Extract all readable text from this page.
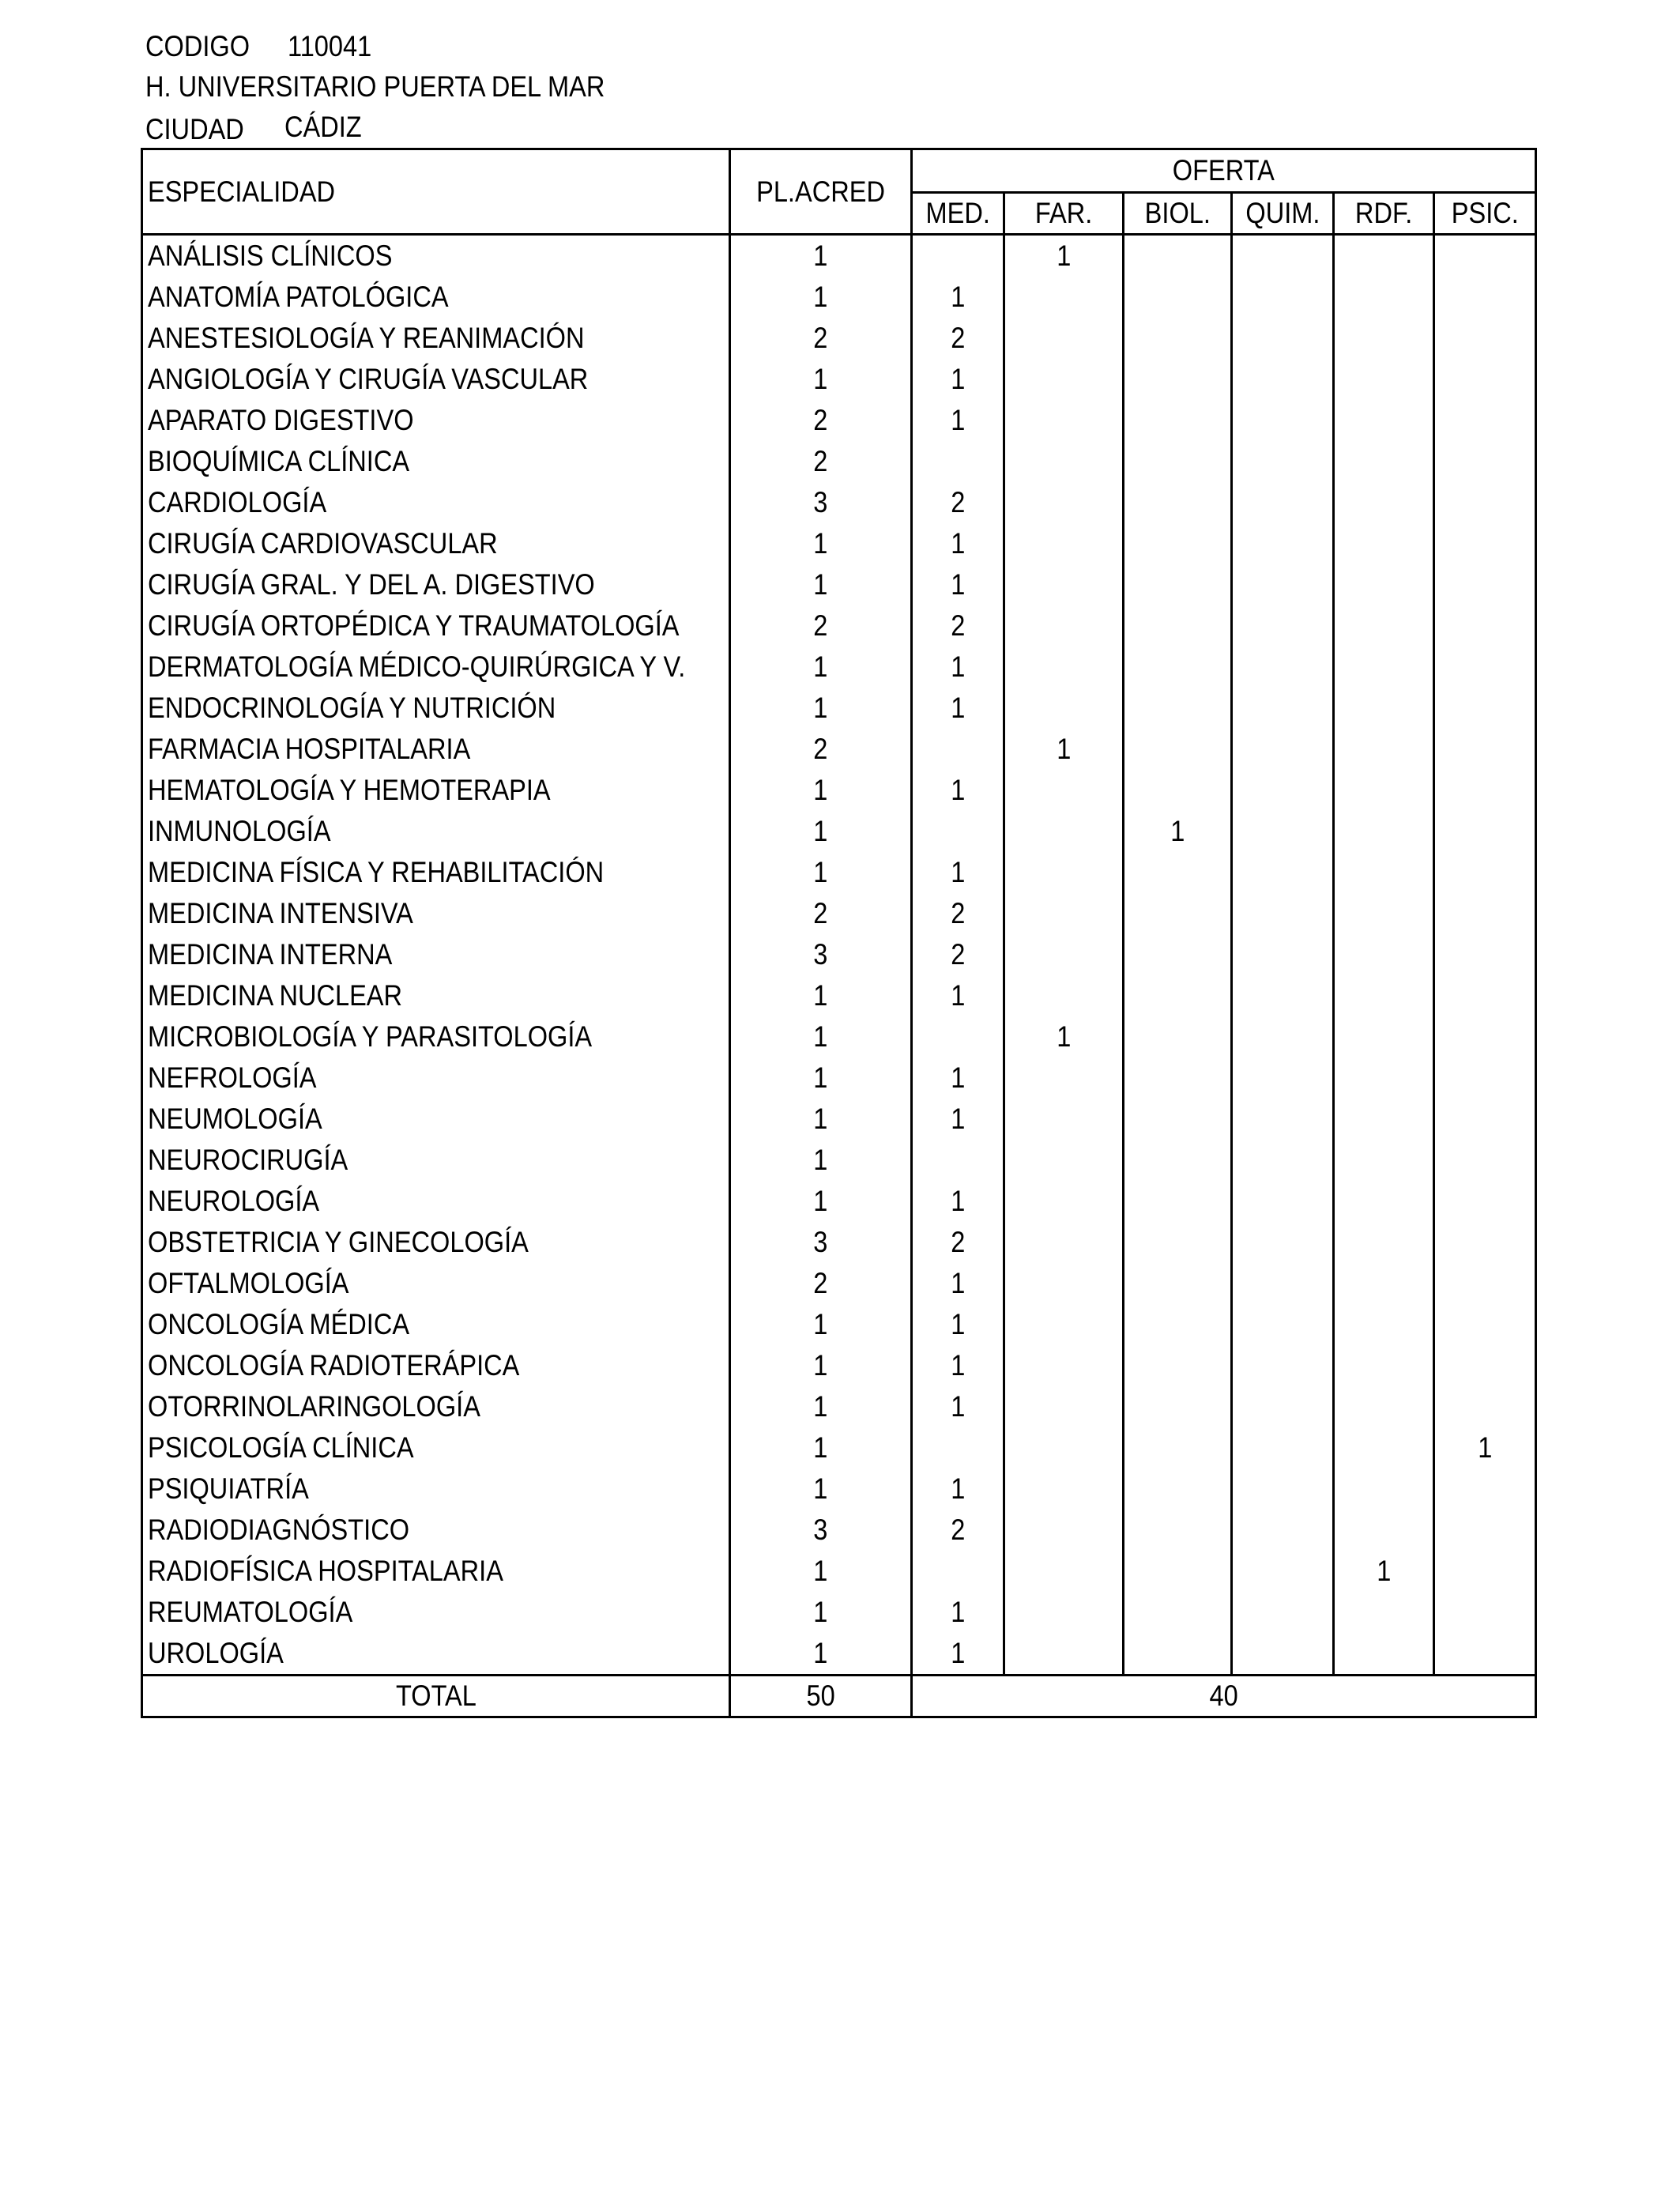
CODIGO 110041
H. UNIVERSITARIO PUERTA DEL MAR
CIUDAD CÁDIZ
ESPECIALIDAD	PL.ACRED	OFERTA					
		MED.	FAR.	BIOL.	QUIM.	RDF.	PSIC.
ANÁLISIS CLÍNICOS	1		1				
ANATOMÍA PATOLÓGICA	1	1					
ANESTESIOLOGÍA Y REANIMACIÓN	2	2					
ANGIOLOGÍA Y CIRUGÍA VASCULAR	1	1					
APARATO DIGESTIVO	2	1					
BIOQUÍMICA CLÍNICA	2						
CARDIOLOGÍA	3	2					
CIRUGÍA CARDIOVASCULAR	1	1					
CIRUGÍA GRAL. Y DEL A. DIGESTIVO	1	1					
CIRUGÍA ORTOPÉDICA Y TRAUMATOLOGÍA	2	2					
DERMATOLOGÍA MÉDICO-QUIRÚRGICA Y V.	1	1					
ENDOCRINOLOGÍA Y NUTRICIÓN	1	1					
FARMACIA HOSPITALARIA	2		1				
HEMATOLOGÍA Y HEMOTERAPIA	1	1					
INMUNOLOGÍA	1			1			
MEDICINA FÍSICA Y REHABILITACIÓN	1	1					
MEDICINA INTENSIVA	2	2					
MEDICINA INTERNA	3	2					
MEDICINA NUCLEAR	1	1					
MICROBIOLOGÍA Y PARASITOLOGÍA	1		1				
NEFROLOGÍA	1	1					
NEUMOLOGÍA	1	1					
NEUROCIRUGÍA	1						
NEUROLOGÍA	1	1					
OBSTETRICIA Y GINECOLOGÍA	3	2					
OFTALMOLOGÍA	2	1					
ONCOLOGÍA MÉDICA	1	1					
ONCOLOGÍA RADIOTERÁPICA	1	1					
OTORRINOLARINGOLOGÍA	1	1					
PSICOLOGÍA CLÍNICA	1						1
PSIQUIATRÍA	1	1					
RADIODIAGNÓSTICO	3	2					
RADIOFÍSICA HOSPITALARIA	1					1	
REUMATOLOGÍA	1	1					
UROLOGÍA	1	1					
TOTAL	50	40					
